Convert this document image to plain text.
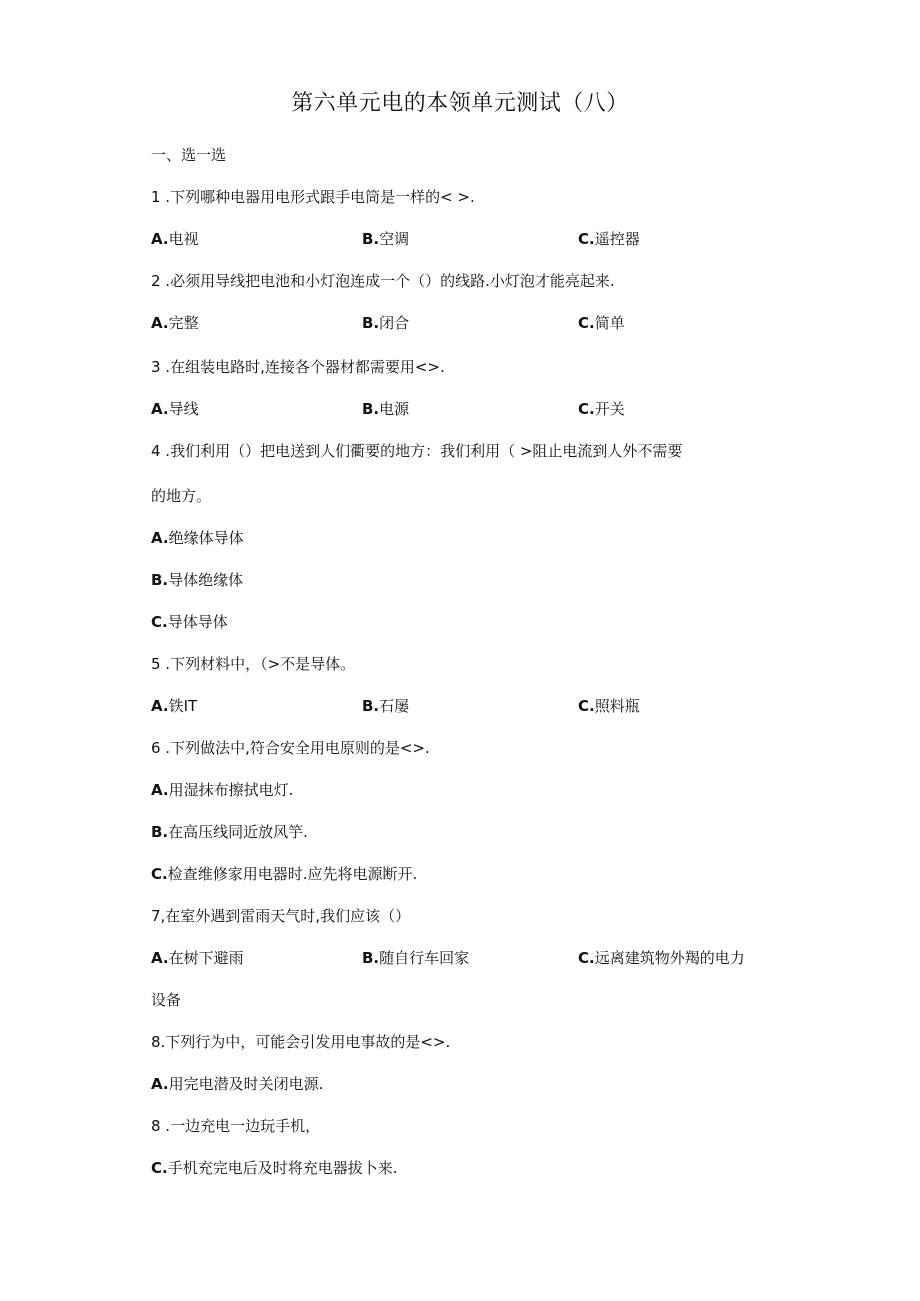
第六单元电的本领单元测试（八）
一、选一选
1 .下列哪种电器用电形式跟手电筒是一样的< >.
A.电视	B.空调	C.遥控器
2 .必须用导线把电池和小灯泡连成一个（）的线路.小灯泡才能亮起来.
A.完整	B.闭合	C.简单
3 .在组装电路时,连接各个器材都需要用<>.
A.导线	B.电源	C.开关
4 .我们利用（）把电送到人们衢要的地方：我们利用（ >阻止电流到人外不需要
的地方。
A.绝缘体导体
B.导体绝缘体
C.导体导体
5 .下列材料中，（>不是导体。
A.铁IT	B.石屡	C.照料瓶
6 .下列做法中,符合安全用电原则的是<>.
A.用湿抹布擦拭电灯.
B.在高压线同近放风竽.
C.检查维修家用电器时.应先将电源断开.
7,在室外遇到雷雨天气时,我们应该（）
A.在树下避雨	B.随自行车回家	C.远离建筑物外羯的电力
设备
8.下列行为中，可能会引发用电事故的是<>.
A.用完电潜及时关闭电源.
8 .一边充电一边玩手机，
C.手机充完电后及时将充电器拔卜来.
